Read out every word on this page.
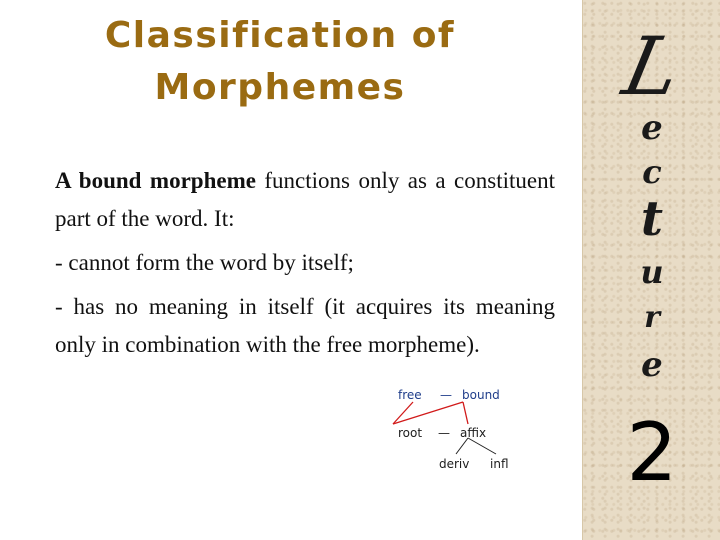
Classification of
Morphemes

A bound morpheme functions only as a constituent part of the word. It:

- cannot form the word by itself;

- has no meaning in itself (it acquires its meaning only in combination with the free morpheme).

free — bound
root — affix
deriv infl
L
e
c
t
u
r
e
2
